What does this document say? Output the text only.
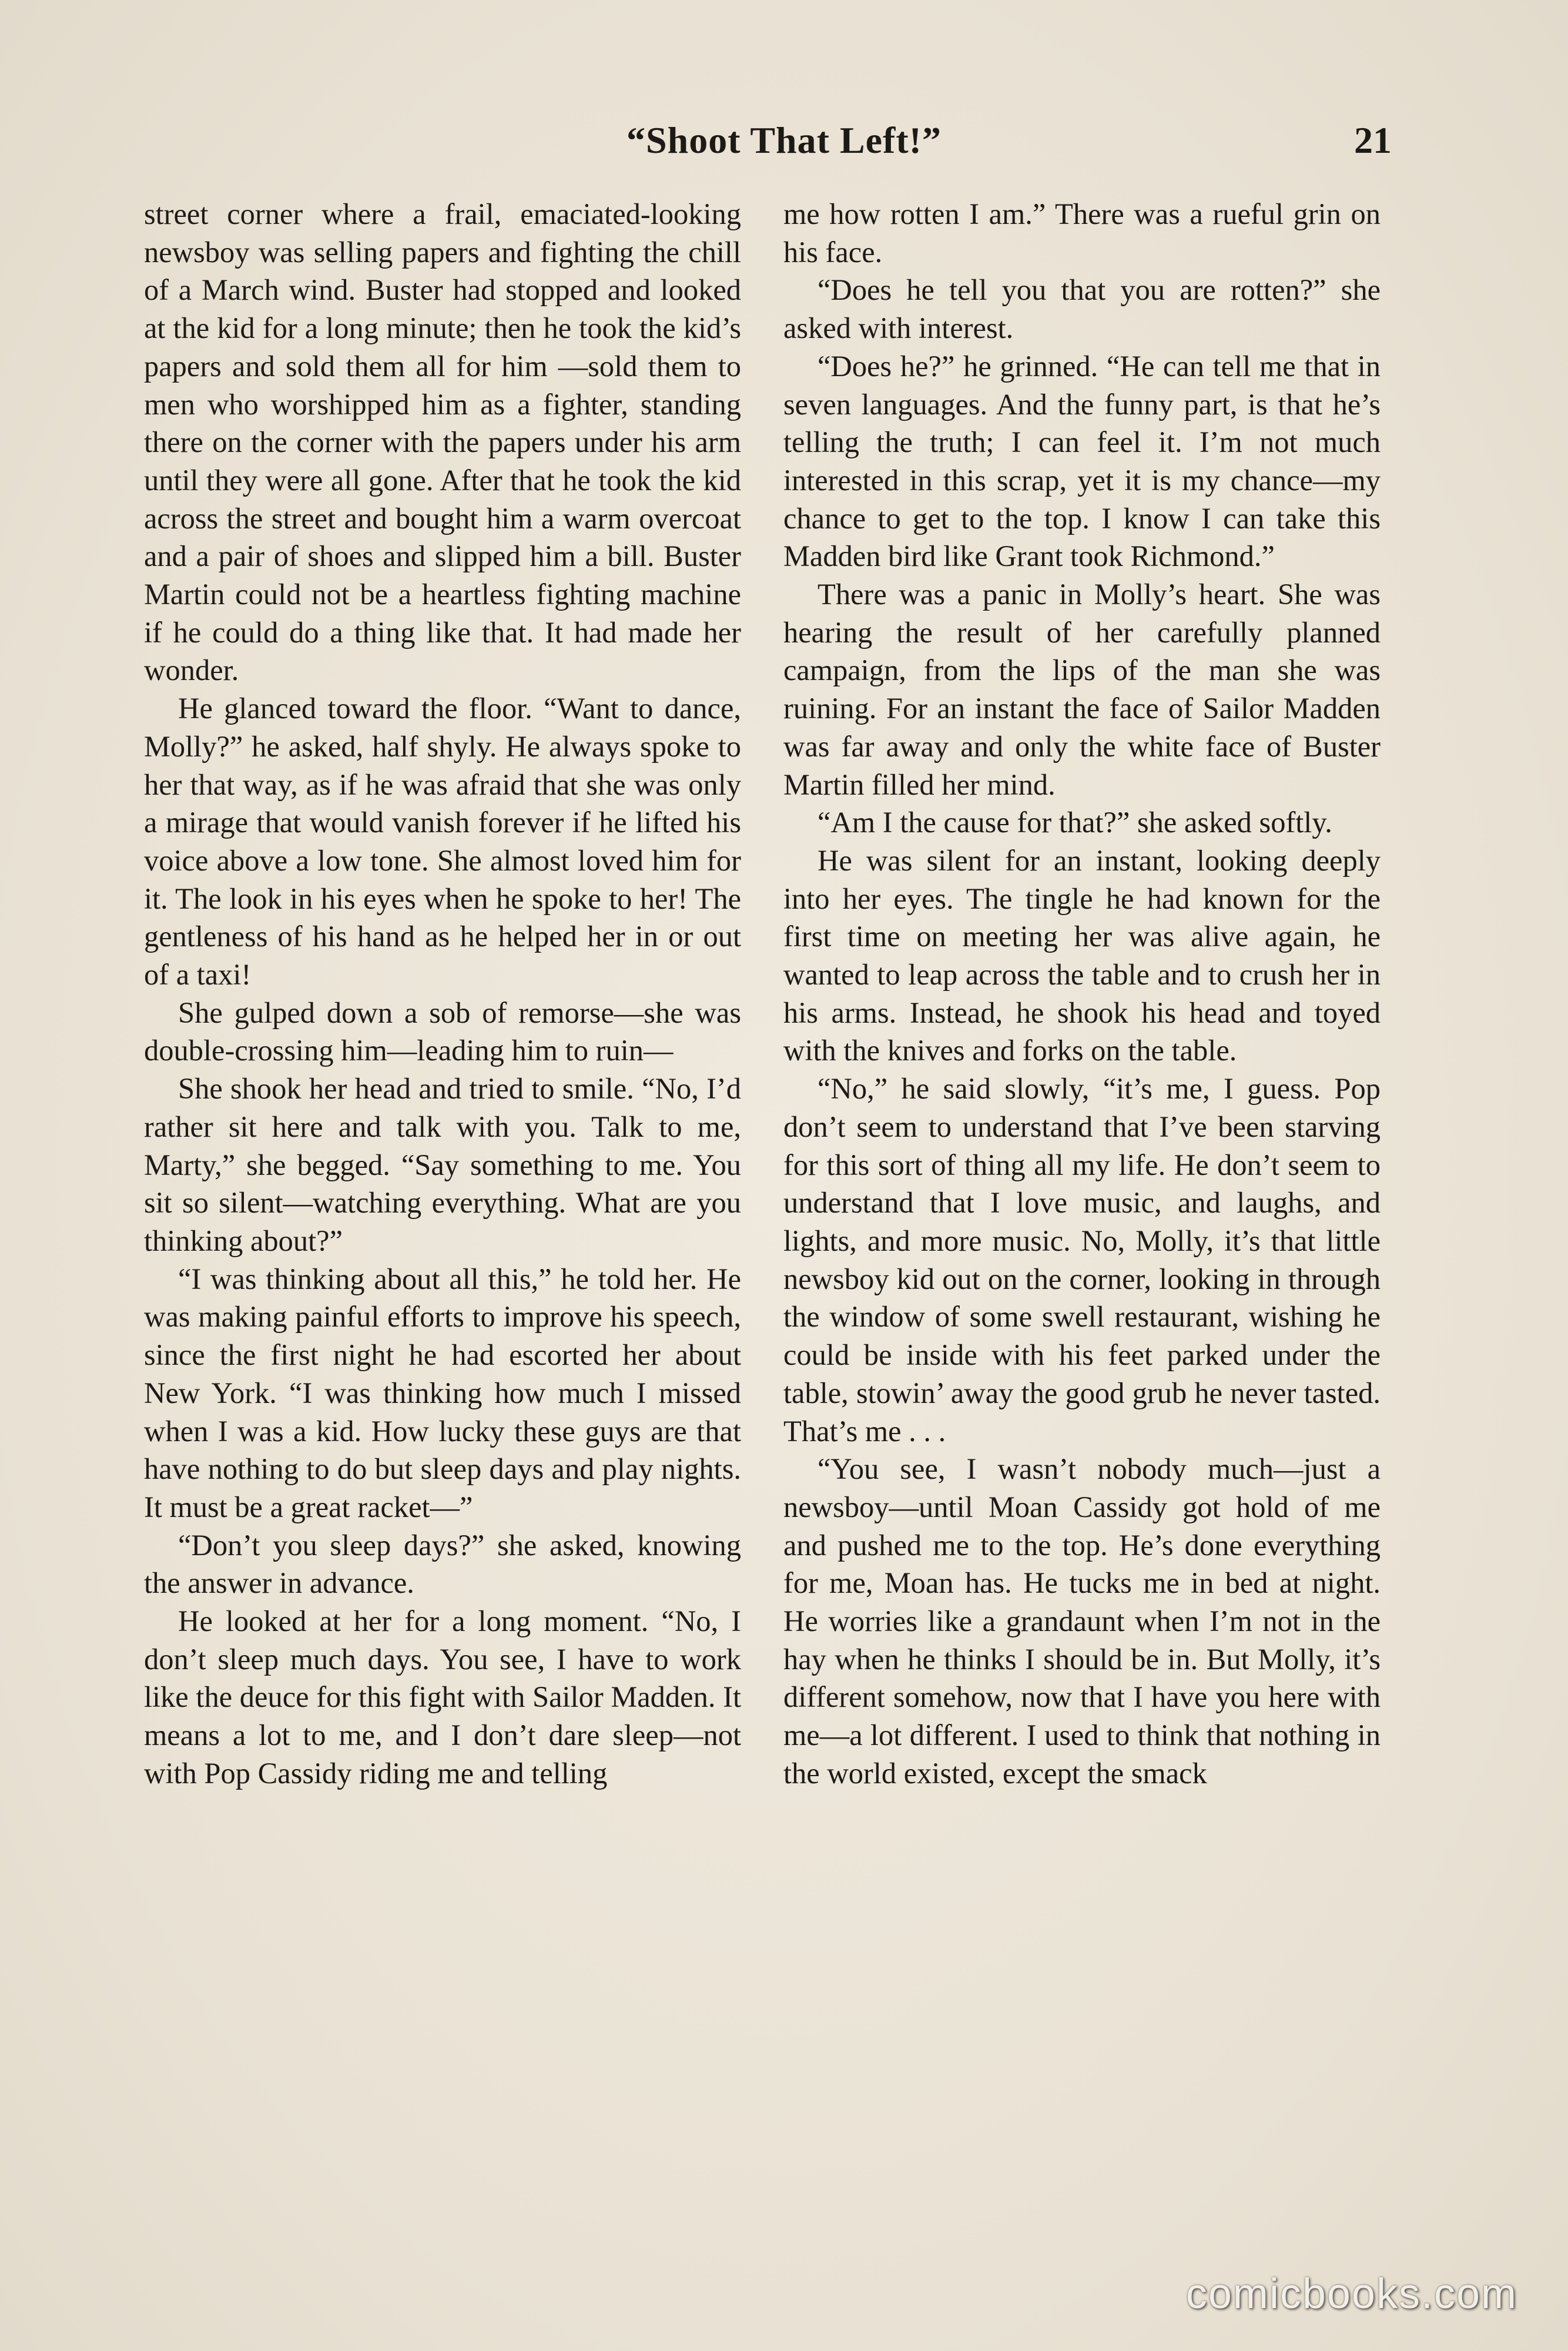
“Shoot That Left!”	21

street corner where a frail, emaciated-looking newsboy was selling papers and fighting the chill of a March wind. Buster had stopped and looked at the kid for a long minute; then he took the kid’s papers and sold them all for him —sold them to men who worshipped him as a fighter, standing there on the corner with the papers under his arm until they were all gone. After that he took the kid across the street and bought him a warm overcoat and a pair of shoes and slipped him a bill. Buster Martin could not be a heartless fighting machine if he could do a thing like that. It had made her wonder.

He glanced toward the floor. “Want to dance, Molly?” he asked, half shyly. He always spoke to her that way, as if he was afraid that she was only a mirage that would vanish forever if he lifted his voice above a low tone. She almost loved him for it. The look in his eyes when he spoke to her! The gentleness of his hand as he helped her in or out of a taxi!

She gulped down a sob of remorse—she was double-crossing him—leading him to ruin—

She shook her head and tried to smile. “No, I’d rather sit here and talk with you. Talk to me, Marty,” she begged. “Say something to me. You sit so silent—watching everything. What are you thinking about?”

“I was thinking about all this,” he told her. He was making painful efforts to improve his speech, since the first night he had escorted her about New York. “I was thinking how much I missed when I was a kid. How lucky these guys are that have nothing to do but sleep days and play nights. It must be a great racket—”

“Don’t you sleep days?” she asked, knowing the answer in advance.

He looked at her for a long moment. “No, I don’t sleep much days. You see, I have to work like the deuce for this fight with Sailor Madden. It means a lot to me, and I don’t dare sleep—not with Pop Cassidy riding me and telling

me how rotten I am.” There was a rueful grin on his face.

“Does he tell you that you are rotten?” she asked with interest.

“Does he?” he grinned. “He can tell me that in seven languages. And the funny part, is that he’s telling the truth; I can feel it. I’m not much interested in this scrap, yet it is my chance—my chance to get to the top. I know I can take this Madden bird like Grant took Richmond.”

There was a panic in Molly’s heart. She was hearing the result of her carefully planned campaign, from the lips of the man she was ruining. For an instant the face of Sailor Madden was far away and only the white face of Buster Martin filled her mind.

“Am I the cause for that?” she asked softly.

He was silent for an instant, looking deeply into her eyes. The tingle he had known for the first time on meeting her was alive again, he wanted to leap across the table and to crush her in his arms. Instead, he shook his head and toyed with the knives and forks on the table.

“No,” he said slowly, “it’s me, I guess. Pop don’t seem to understand that I’ve been starving for this sort of thing all my life. He don’t seem to understand that I love music, and laughs, and lights, and more music. No, Molly, it’s that little newsboy kid out on the corner, looking in through the window of some swell restaurant, wishing he could be inside with his feet parked under the table, stowin’ away the good grub he never tasted. That’s me . . .

“You see, I wasn’t nobody much—just a newsboy—until Moan Cassidy got hold of me and pushed me to the top. He’s done everything for me, Moan has. He tucks me in bed at night. He worries like a grandaunt when I’m not in the hay when he thinks I should be in. But Molly, it’s different somehow, now that I have you here with me—a lot different. I used to think that nothing in the world existed, except the smack

comicbooks.com
